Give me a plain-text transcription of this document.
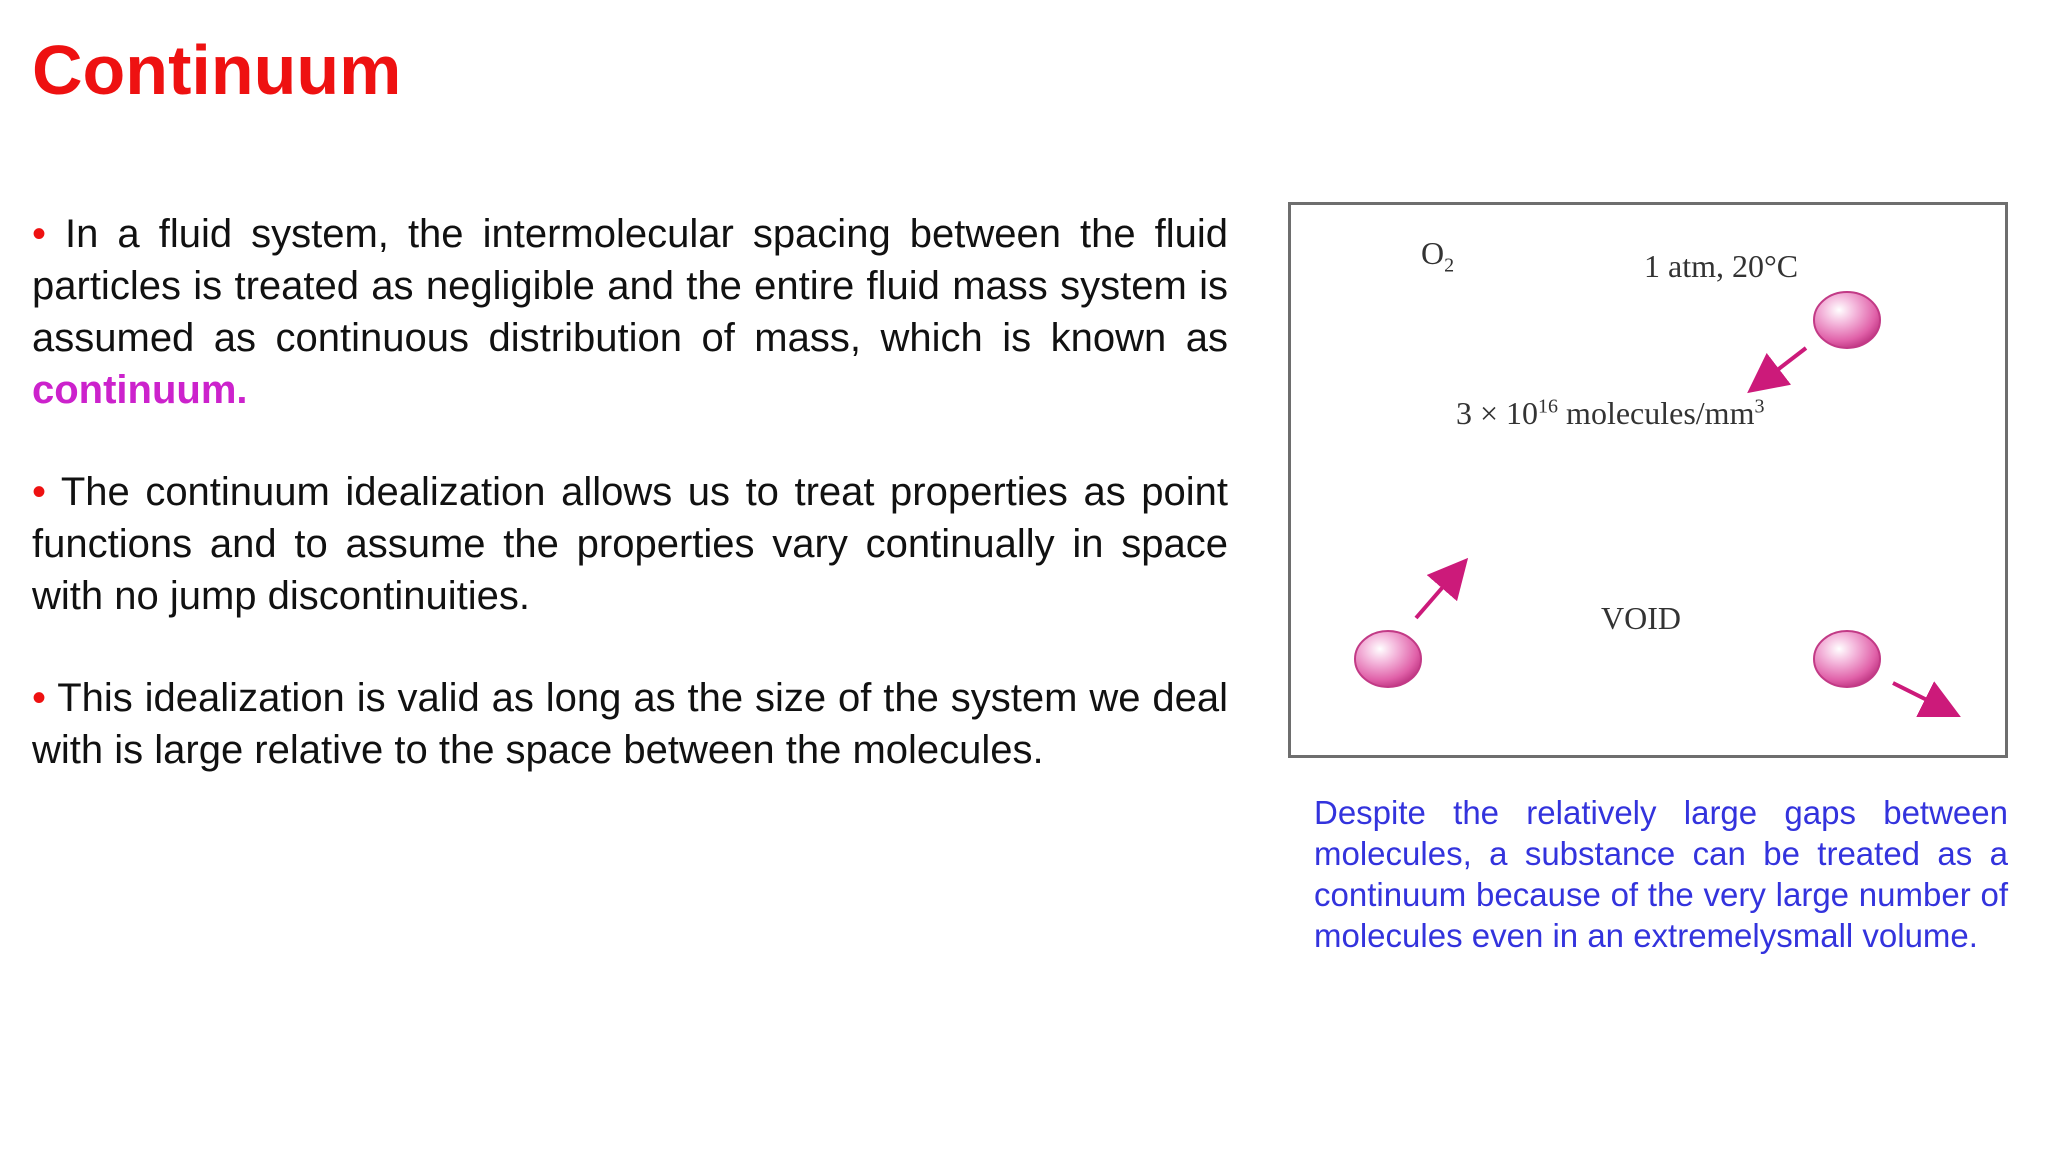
Continuum

• In a fluid system, the intermolecular spacing between the fluid particles is treated as negligible and the entire fluid mass system is assumed as continuous distribution of mass, which is known as continuum.

• The continuum idealization allows us to treat properties as point functions and to assume the properties vary continually in space with no jump discontinuities.

• This idealization is valid as long as the size of the system we deal with is large relative to the space between the molecules.

$O_2$	1 atm, 20°C
$3 \times 10^{16}$ molecules/$mm^3$
VOID

Despite the relatively large gaps between molecules, a substance can be treated as a continuum because of the very large number of molecules even in an extremelysmall volume.
